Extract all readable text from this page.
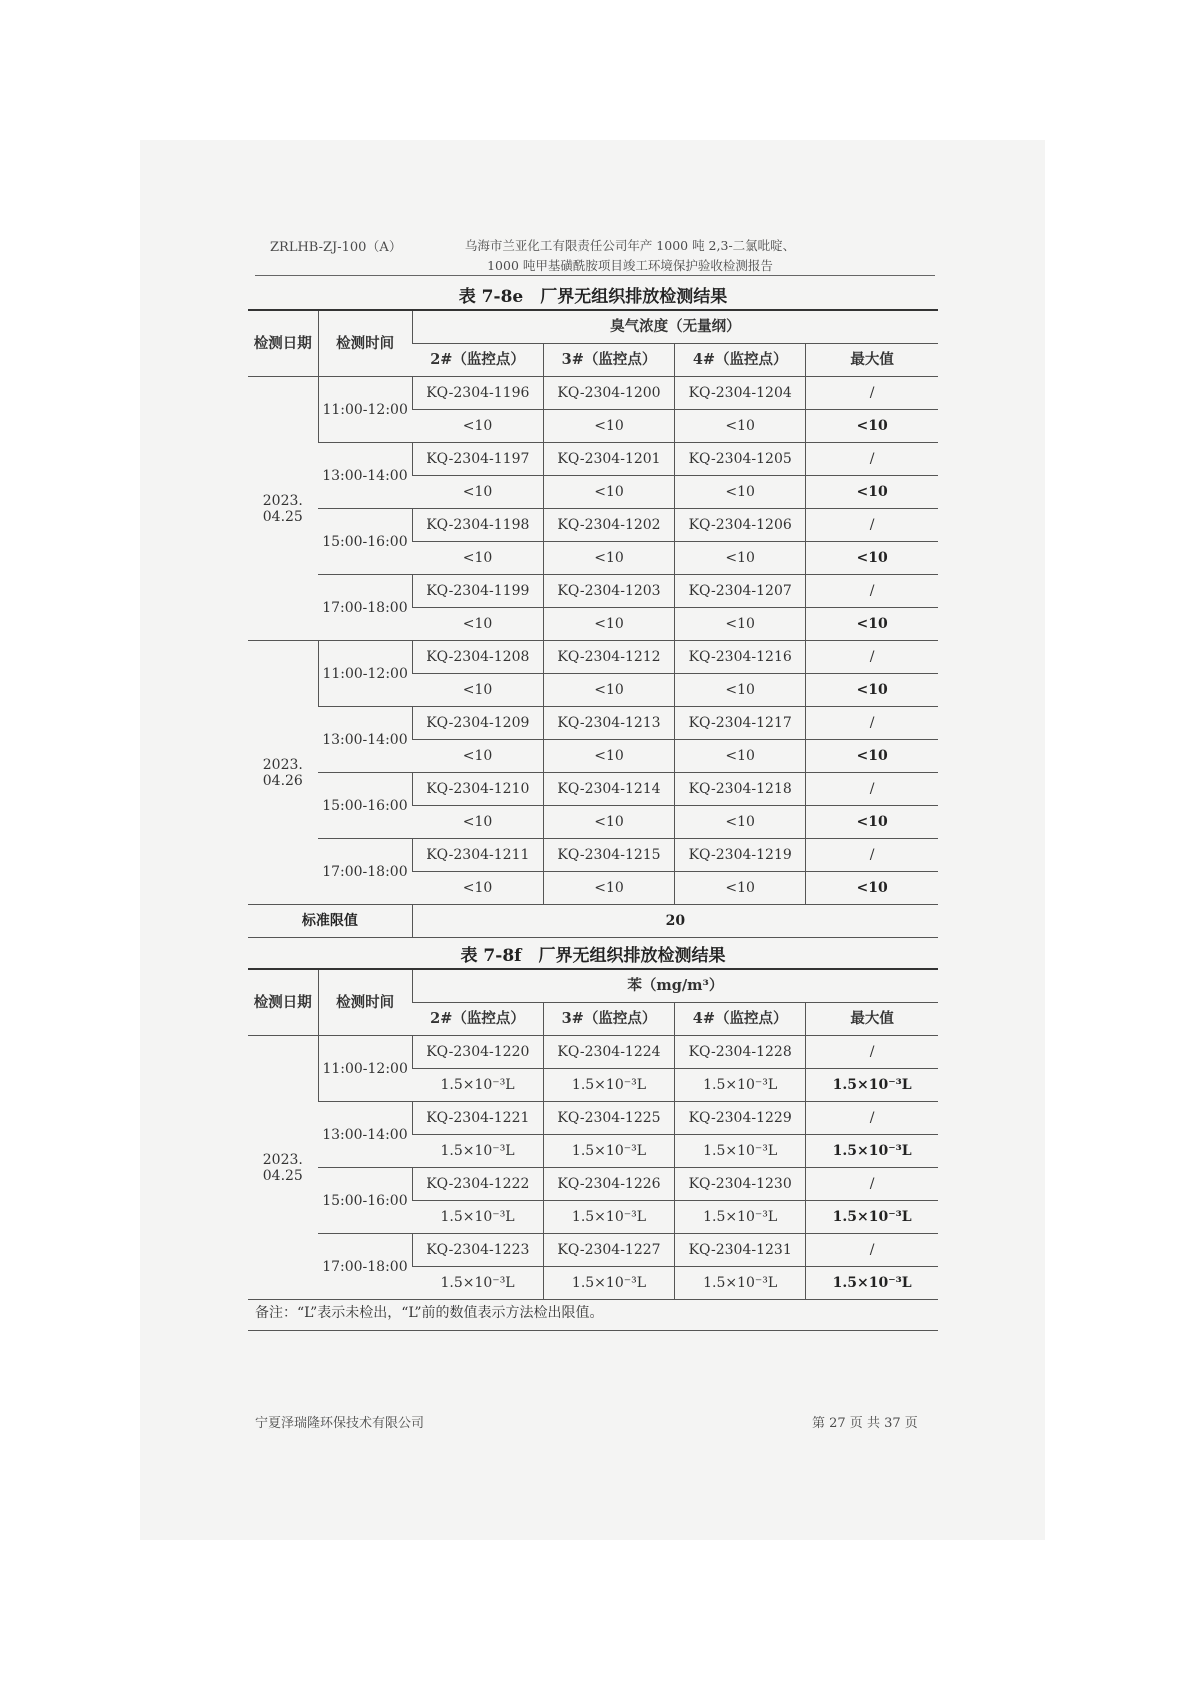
ZRLHB-ZJ-100（A）	乌海市兰亚化工有限责任公司年产 1000 吨 2,3-二氯吡啶、
1000 吨甲基磺酰胺项目竣工环境保护验收检测报告
表 7-8e　厂界无组织排放检测结果
检测日期	检测时间	臭气浓度（无量纲）			
		2#（监控点）	3#（监控点）	4#（监控点）	最大值
2023.
04.25	11:00-12:00	KQ-2304-1196	KQ-2304-1200	KQ-2304-1204	/
		<10	<10	<10	<10
	13:00-14:00	KQ-2304-1197	KQ-2304-1201	KQ-2304-1205	/
		<10	<10	<10	<10
	15:00-16:00	KQ-2304-1198	KQ-2304-1202	KQ-2304-1206	/
		<10	<10	<10	<10
	17:00-18:00	KQ-2304-1199	KQ-2304-1203	KQ-2304-1207	/
		<10	<10	<10	<10
2023.
04.26	11:00-12:00	KQ-2304-1208	KQ-2304-1212	KQ-2304-1216	/
		<10	<10	<10	<10
	13:00-14:00	KQ-2304-1209	KQ-2304-1213	KQ-2304-1217	/
		<10	<10	<10	<10
	15:00-16:00	KQ-2304-1210	KQ-2304-1214	KQ-2304-1218	/
		<10	<10	<10	<10
	17:00-18:00	KQ-2304-1211	KQ-2304-1215	KQ-2304-1219	/
		<10	<10	<10	<10
标准限值		20			
表 7-8f　厂界无组织排放检测结果
检测日期	检测时间	苯（mg/m³）			
		2#（监控点）	3#（监控点）	4#（监控点）	最大值
2023.
04.25	11:00-12:00	KQ-2304-1220	KQ-2304-1224	KQ-2304-1228	/
		1.5×10⁻³L	1.5×10⁻³L	1.5×10⁻³L	1.5×10⁻³L
	13:00-14:00	KQ-2304-1221	KQ-2304-1225	KQ-2304-1229	/
		1.5×10⁻³L	1.5×10⁻³L	1.5×10⁻³L	1.5×10⁻³L
	15:00-16:00	KQ-2304-1222	KQ-2304-1226	KQ-2304-1230	/
		1.5×10⁻³L	1.5×10⁻³L	1.5×10⁻³L	1.5×10⁻³L
	17:00-18:00	KQ-2304-1223	KQ-2304-1227	KQ-2304-1231	/
		1.5×10⁻³L	1.5×10⁻³L	1.5×10⁻³L	1.5×10⁻³L
备注：“L”表示未检出，“L”前的数值表示方法检出限值。
宁夏泽瑞隆环保技术有限公司	第 27 页 共 37 页
